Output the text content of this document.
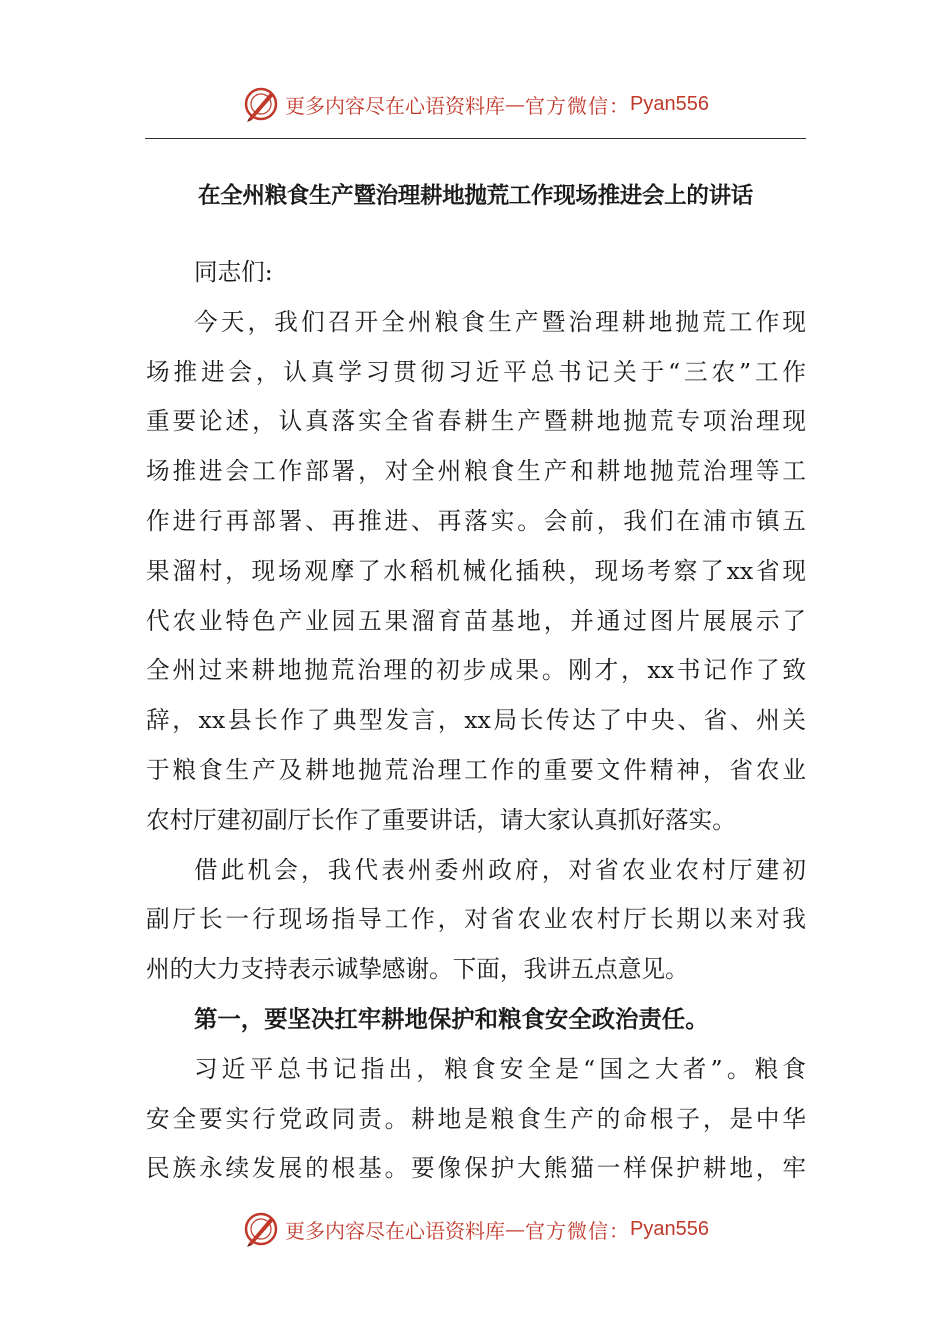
更多内容尽在心语资料库 — 官方微信： Pyan556
在全州粮食生产暨治理耕地抛荒工作现场推进会上的讲话
同志们:
今天，我们召开全州粮食生产暨治理耕地抛荒工作现
场推进会，认真学习贯彻习近平总书记关于“三农”工作
重要论述，认真落实全省春耕生产暨耕地抛荒专项治理现
场推进会工作部署，对全州粮食生产和耕地抛荒治理等工
作进行再部署、再推进、再落实。会前，我们在浦市镇五
果溜村，现场观摩了水稻机械化插秧，现场考察了xx省现
代农业特色产业园五果溜育苗基地，并通过图片展展示了
全州过来耕地抛荒治理的初步成果。刚才，xx书记作了致
辞，xx县长作了典型发言，xx局长传达了中央、省、州关
于粮食生产及耕地抛荒治理工作的重要文件精神，省农业
农村厅建初副厅长作了重要讲话，请大家认真抓好落实。
借此机会，我代表州委州政府，对省农业农村厅建初
副厅长一行现场指导工作，对省农业农村厅长期以来对我
州的大力支持表示诚挚感谢。下面，我讲五点意见。
第一，要坚决扛牢耕地保护和粮食安全政治责任。
习近平总书记指出，粮食安全是“国之大者”。粮食
安全要实行党政同责。耕地是粮食生产的命根子，是中华
民族永续发展的根基。要像保护大熊猫一样保护耕地，牢
更多内容尽在心语资料库 — 官方微信： Pyan556
